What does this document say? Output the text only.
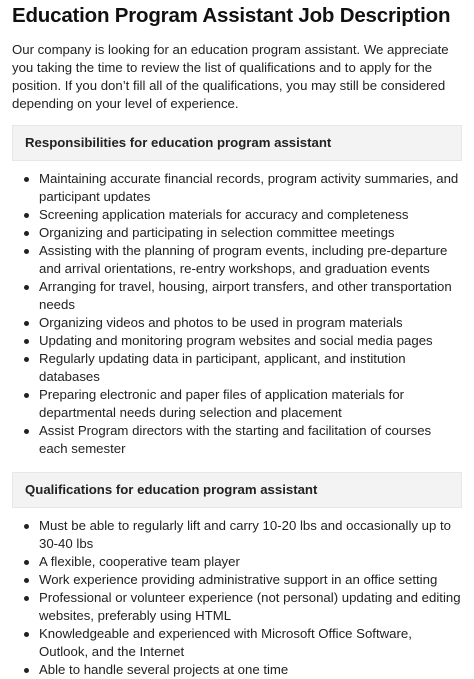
Education Program Assistant Job Description

Our company is looking for an education program assistant. We appreciate you taking the time to review the list of qualifications and to apply for the position. If you don’t fill all of the qualifications, you may still be considered depending on your level of experience.

Responsibilities for education program assistant
Maintaining accurate financial records, program activity summaries, and participant updates
Screening application materials for accuracy and completeness
Organizing and participating in selection committee meetings
Assisting with the planning of program events, including pre-departure and arrival orientations, re-entry workshops, and graduation events
Arranging for travel, housing, airport transfers, and other transportation needs
Organizing videos and photos to be used in program materials
Updating and monitoring program websites and social media pages
Regularly updating data in participant, applicant, and institution databases
Preparing electronic and paper files of application materials for departmental needs during selection and placement
Assist Program directors with the starting and facilitation of courses each semester
Qualifications for education program assistant
Must be able to regularly lift and carry 10-20 lbs and occasionally up to 30-40 lbs
A flexible, cooperative team player
Work experience providing administrative support in an office setting
Professional or volunteer experience (not personal) updating and editing websites, preferably using HTML
Knowledgeable and experienced with Microsoft Office Software, Outlook, and the Internet
Able to handle several projects at one time
